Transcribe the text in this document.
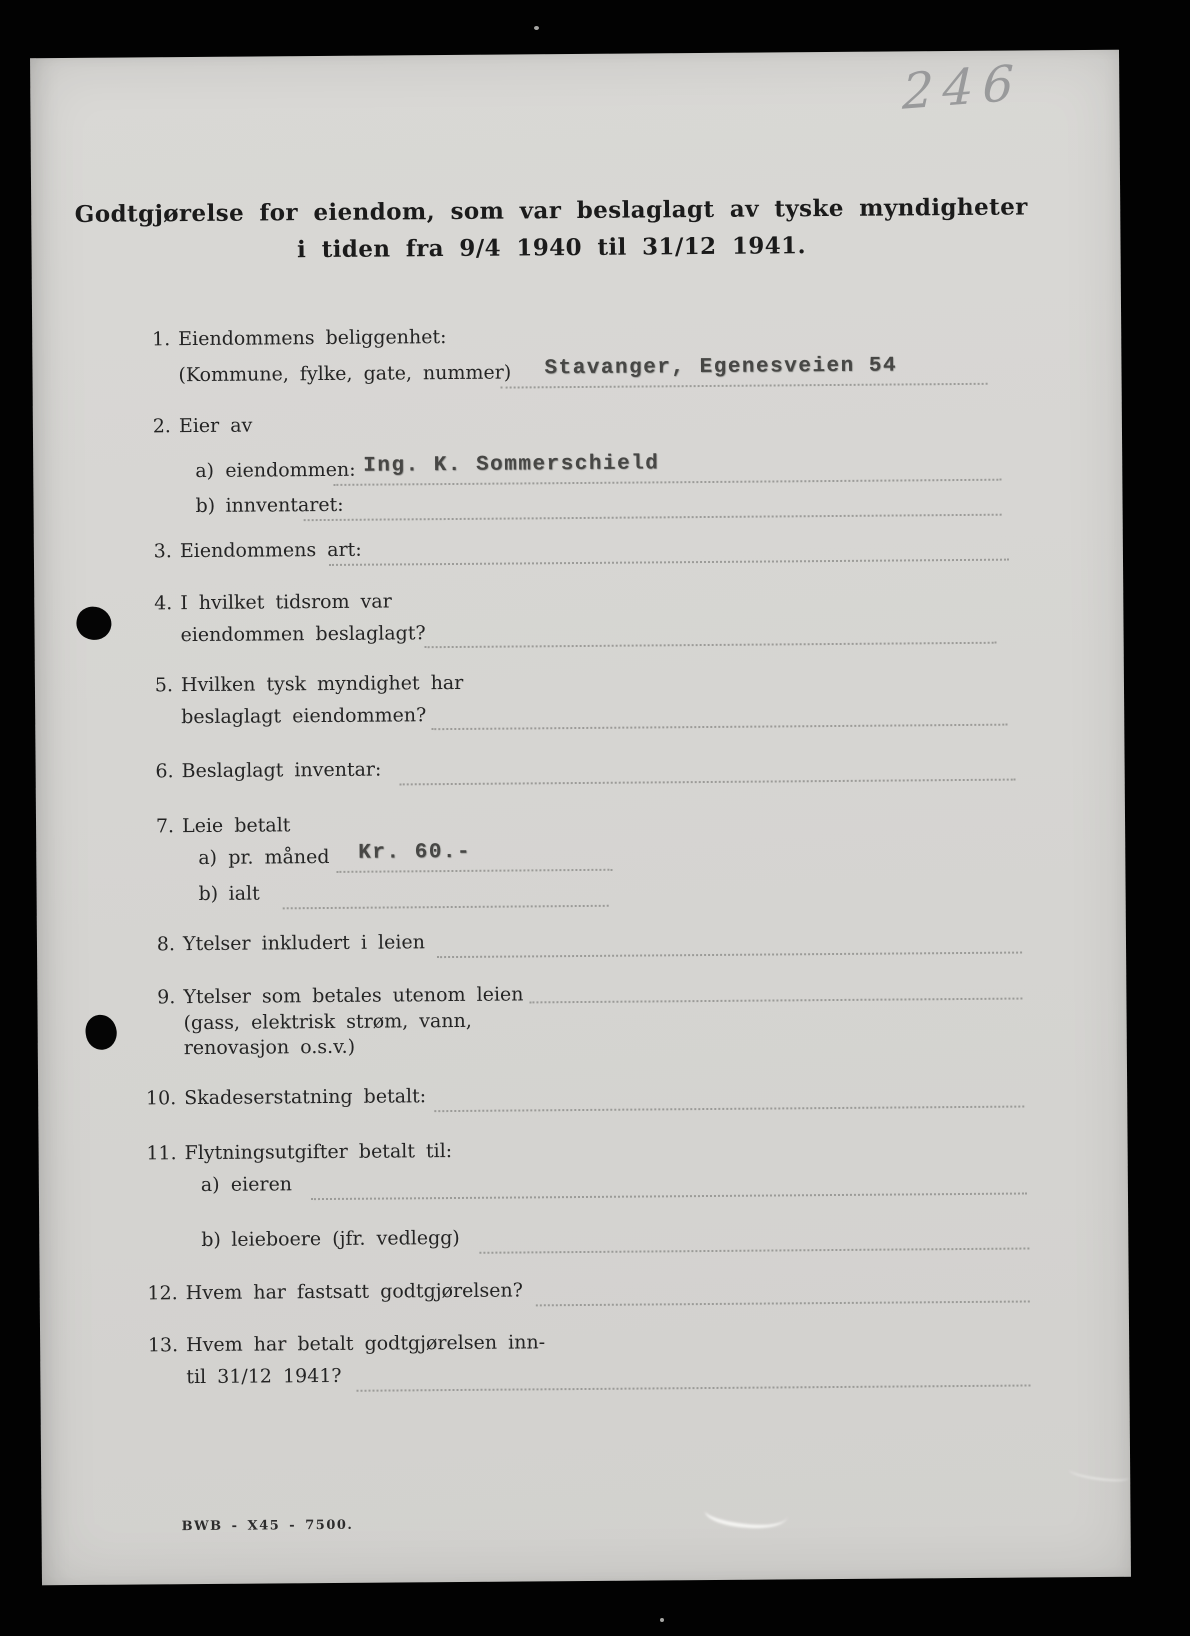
246
Godtgjørelse for eiendom, som var beslaglagt av tyske myndigheter
i tiden fra 9/4 1940 til 31/12 1941.
1. Eiendommens beliggenhet:
(Kommune, fylke, gate, nummer) Stavanger, Egenesveien 54
2. Eier av
a) eiendommen: Ing. K. Sommerschield
b) innventaret:
3. Eiendommens art:
4. I hvilket tidsrom var
eiendommen beslaglagt?
5. Hvilken tysk myndighet har
beslaglagt eiendommen?
6. Beslaglagt inventar:
7. Leie betalt
a) pr. måned Kr. 60.-
b) ialt
8. Ytelser inkludert i leien
9. Ytelser som betales utenom leien
(gass, elektrisk strøm, vann,
renovasjon o.s.v.)
10. Skadeserstatning betalt:
11. Flytningsutgifter betalt til:
a) eieren
b) leieboere (jfr. vedlegg)
12. Hvem har fastsatt godtgjørelsen?
13. Hvem har betalt godtgjørelsen inn-
til 31/12 1941?
BWB - X45 - 7500.
